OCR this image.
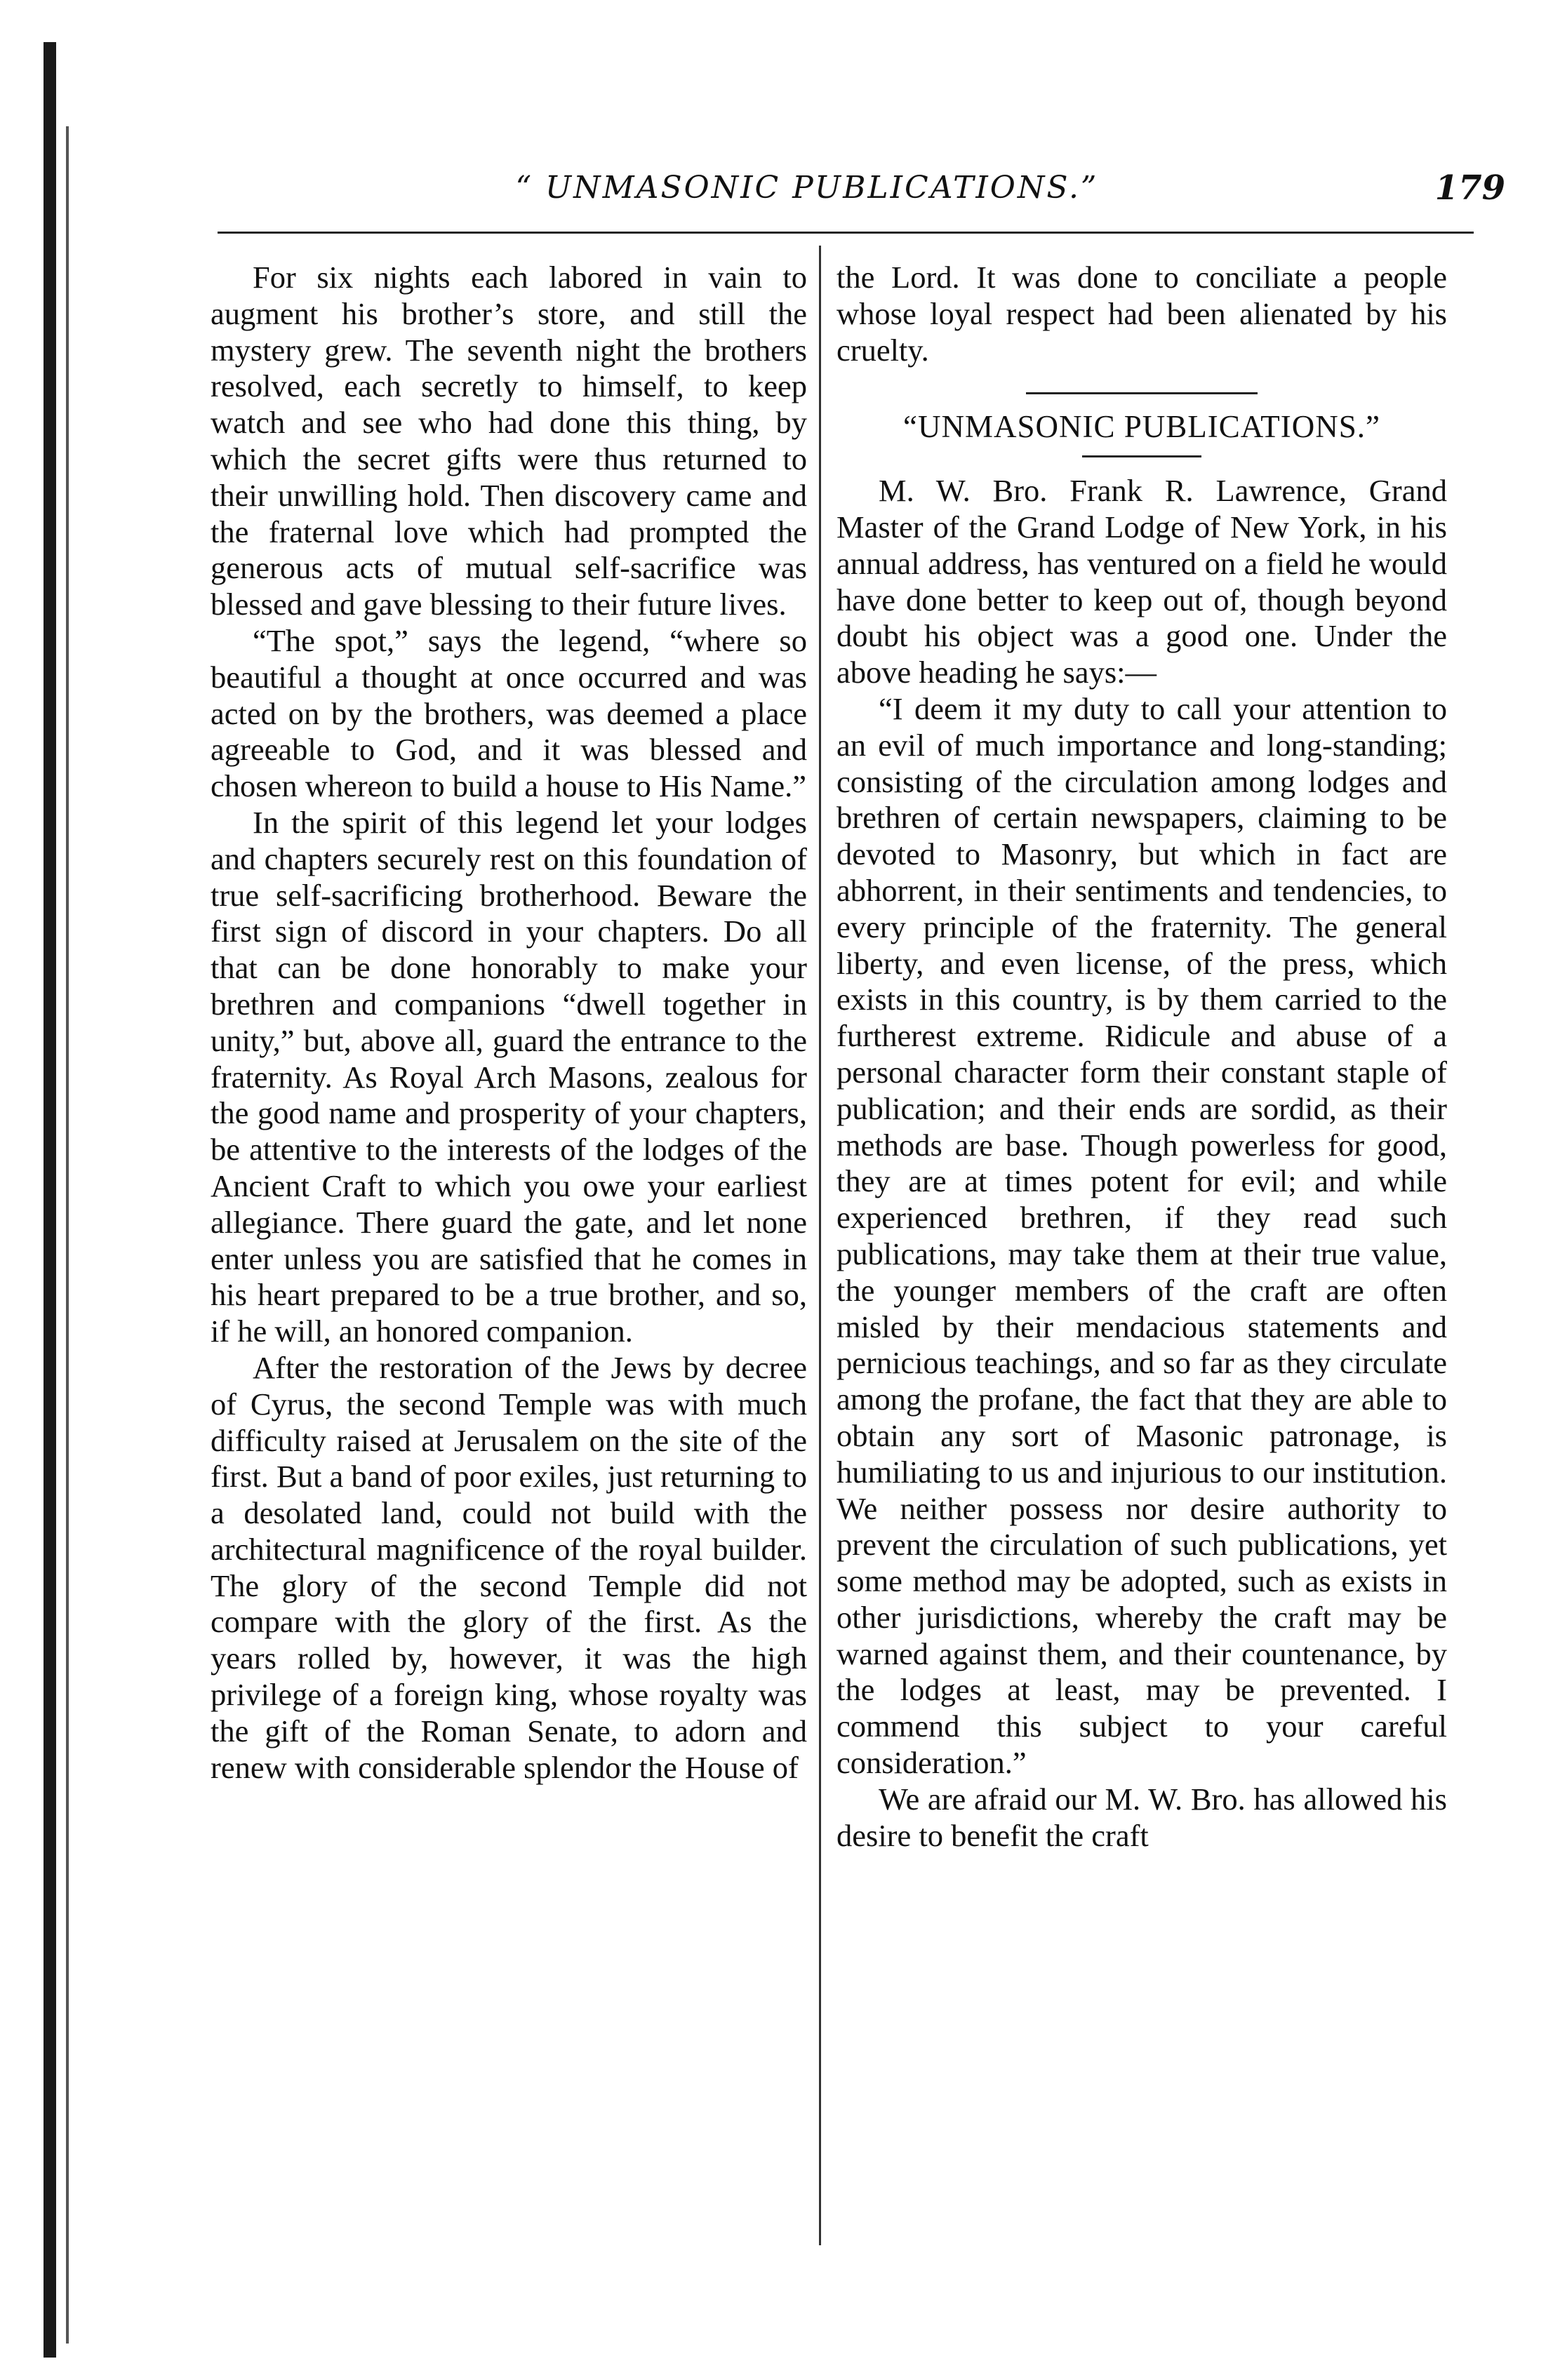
“ UNMASONIC PUBLICATIONS.”	179

For six nights each labored in vain to augment his brother’s store, and still the mystery grew. The seventh night the brothers resolved, each secretly to himself, to keep watch and see who had done this thing, by which the secret gifts were thus returned to their unwilling hold. Then discovery came and the fraternal love which had prompted the generous acts of mutual self-sacrifice was blessed and gave blessing to their future lives.

“The spot,” says the legend, “where so beautiful a thought at once occurred and was acted on by the brothers, was deemed a place agreeable to God, and it was blessed and chosen whereon to build a house to His Name.”

In the spirit of this legend let your lodges and chapters securely rest on this foundation of true self-sacrificing brotherhood. Beware the first sign of discord in your chapters. Do all that can be done honorably to make your brethren and companions “dwell together in unity,” but, above all, guard the entrance to the fraternity. As Royal Arch Masons, zealous for the good name and prosperity of your chapters, be attentive to the interests of the lodges of the Ancient Craft to which you owe your earliest allegiance. There guard the gate, and let none enter unless you are satisfied that he comes in his heart prepared to be a true brother, and so, if he will, an honored companion.

After the restoration of the Jews by decree of Cyrus, the second Temple was with much difficulty raised at Jerusalem on the site of the first. But a band of poor exiles, just returning to a desolated land, could not build with the architectural magnificence of the royal builder. The glory of the second Temple did not compare with the glory of the first. As the years rolled by, however, it was the high privilege of a foreign king, whose royalty was the gift of the Roman Senate, to adorn and renew with considerable splendor the House of

the Lord. It was done to conciliate a people whose loyal respect had been alienated by his cruelty.

“UNMASONIC PUBLICATIONS.”

M. W. Bro. Frank R. Lawrence, Grand Master of the Grand Lodge of New York, in his annual address, has ventured on a field he would have done better to keep out of, though beyond doubt his object was a good one. Under the above heading he says:—

“I deem it my duty to call your attention to an evil of much importance and long-standing; consisting of the circulation among lodges and brethren of certain newspapers, claiming to be devoted to Masonry, but which in fact are abhorrent, in their sentiments and tendencies, to every principle of the fraternity. The general liberty, and even license, of the press, which exists in this country, is by them carried to the furtherest extreme. Ridicule and abuse of a personal character form their constant staple of publication; and their ends are sordid, as their methods are base. Though powerless for good, they are at times potent for evil; and while experienced brethren, if they read such publications, may take them at their true value, the younger members of the craft are often misled by their mendacious statements and pernicious teachings, and so far as they circulate among the profane, the fact that they are able to obtain any sort of Masonic patronage, is humiliating to us and injurious to our institution. We neither possess nor desire authority to prevent the circulation of such publications, yet some method may be adopted, such as exists in other jurisdictions, whereby the craft may be warned against them, and their countenance, by the lodges at least, may be prevented. I commend this subject to your careful consideration.”

We are afraid our M. W. Bro. has allowed his desire to benefit the craft
